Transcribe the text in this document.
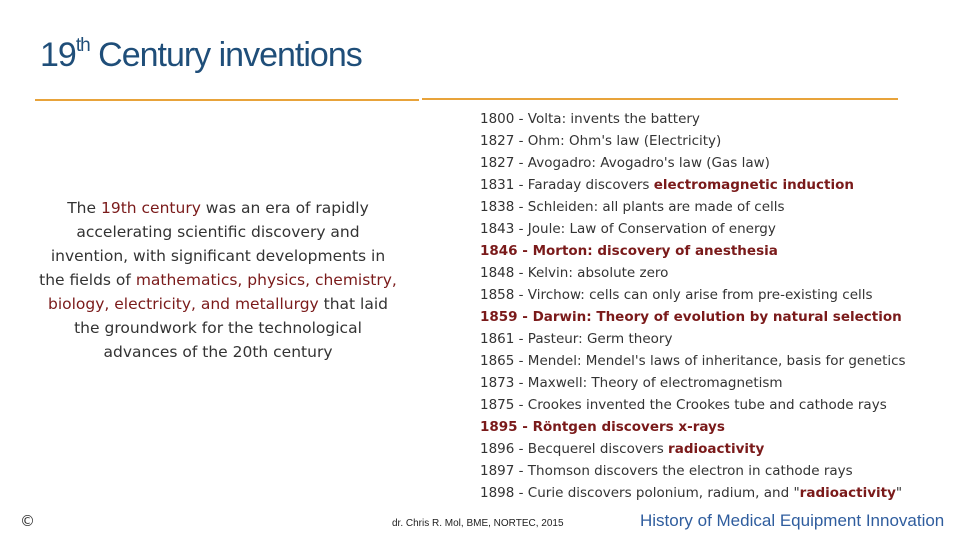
19th Century inventions
The 19th century was an era of rapidly accelerating scientific discovery and invention, with significant developments in the fields of mathematics, physics, chemistry, biology, electricity, and metallurgy that laid the groundwork for the technological advances of the 20th century
1800 - Volta: invents the battery
1827 - Ohm: Ohm's law (Electricity)
1827 - Avogadro: Avogadro's law (Gas law)
1831 - Faraday discovers electromagnetic induction
1838 - Schleiden: all plants are made of cells
1843 - Joule: Law of Conservation of energy
1846 - Morton: discovery of anesthesia
1848 - Kelvin: absolute zero
1858 - Virchow: cells can only arise from pre-existing cells
1859 - Darwin: Theory of evolution by natural selection
1861 - Pasteur: Germ theory
1865 - Mendel: Mendel's laws of inheritance, basis for genetics
1873 - Maxwell: Theory of electromagnetism
1875 - Crookes invented the Crookes tube and cathode rays
1895 - Röntgen discovers x-rays
1896 - Becquerel discovers radioactivity
1897 - Thomson discovers the electron in cathode rays
1898 - Curie discovers polonium, radium, and "radioactivity"
©	dr. Chris R. Mol, BME, NORTEC, 2015	History of Medical Equipment Innovation
